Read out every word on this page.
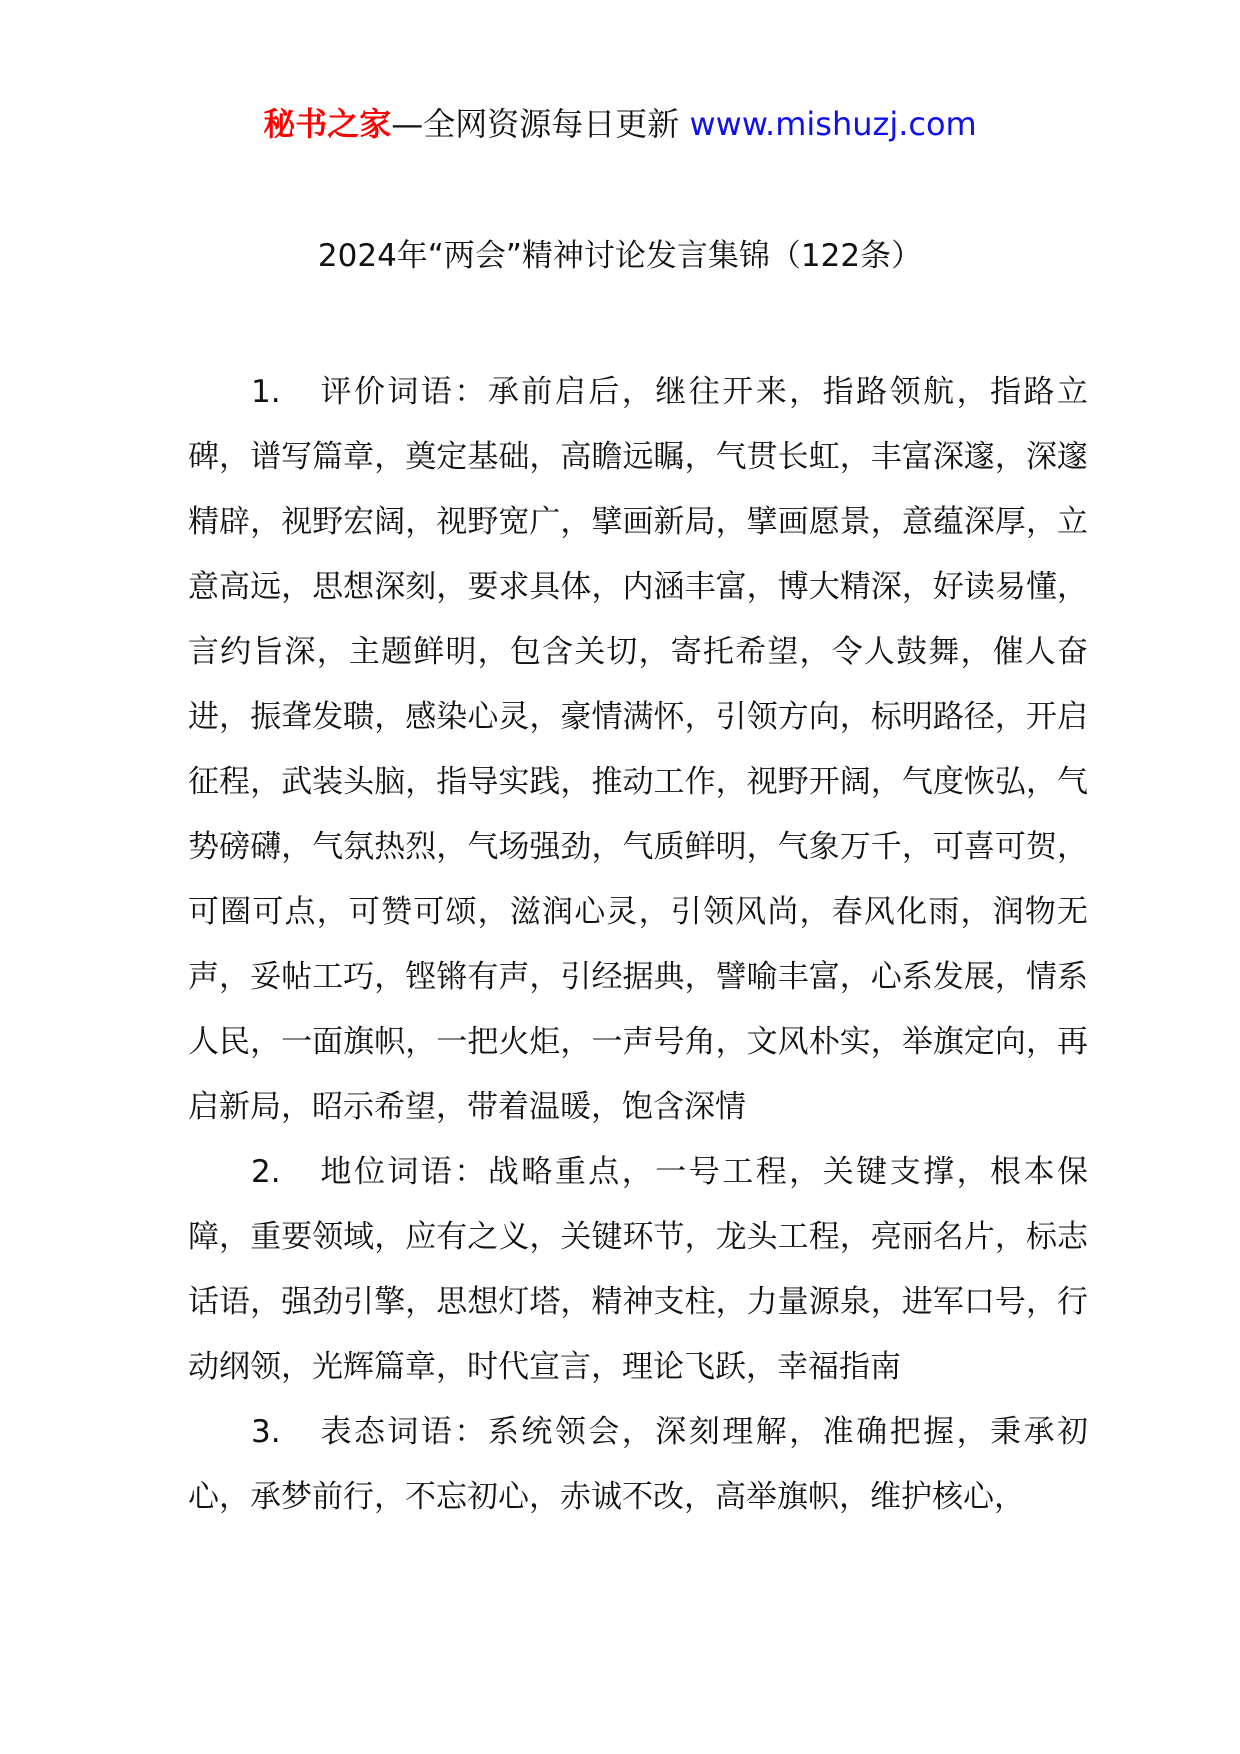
秘书之家—全网资源每日更新 www.mishuzj.com
2024年“两会”精神讨论发言集锦（122条）

1. 评价词语：承前启后，继往开来，指路领航，指路立碑，谱写篇章，奠定基础，高瞻远瞩，气贯长虹，丰富深邃，深邃精辟，视野宏阔，视野宽广，擘画新局，擘画愿景，意蕴深厚，立意高远，思想深刻，要求具体，内涵丰富，博大精深，好读易懂，言约旨深，主题鲜明，包含关切，寄托希望，令人鼓舞，催人奋进，振聋发聩，感染心灵，豪情满怀，引领方向，标明路径，开启征程，武装头脑，指导实践，推动工作，视野开阔，气度恢弘，气势磅礴，气氛热烈，气场强劲，气质鲜明，气象万千，可喜可贺，可圈可点，可赞可颂，滋润心灵，引领风尚，春风化雨，润物无声，妥帖工巧，铿锵有声，引经据典，譬喻丰富，心系发展，情系人民，一面旗帜，一把火炬，一声号角，文风朴实，举旗定向，再启新局，昭示希望，带着温暖，饱含深情

2. 地位词语：战略重点，一号工程，关键支撑，根本保障，重要领域，应有之义，关键环节，龙头工程，亮丽名片，标志话语，强劲引擎，思想灯塔，精神支柱，力量源泉，进军口号，行动纲领，光辉篇章，时代宣言，理论飞跃，幸福指南

3. 表态词语：系统领会，深刻理解，准确把握，秉承初心，承梦前行，不忘初心，赤诚不改，高举旗帜，维护核心，
